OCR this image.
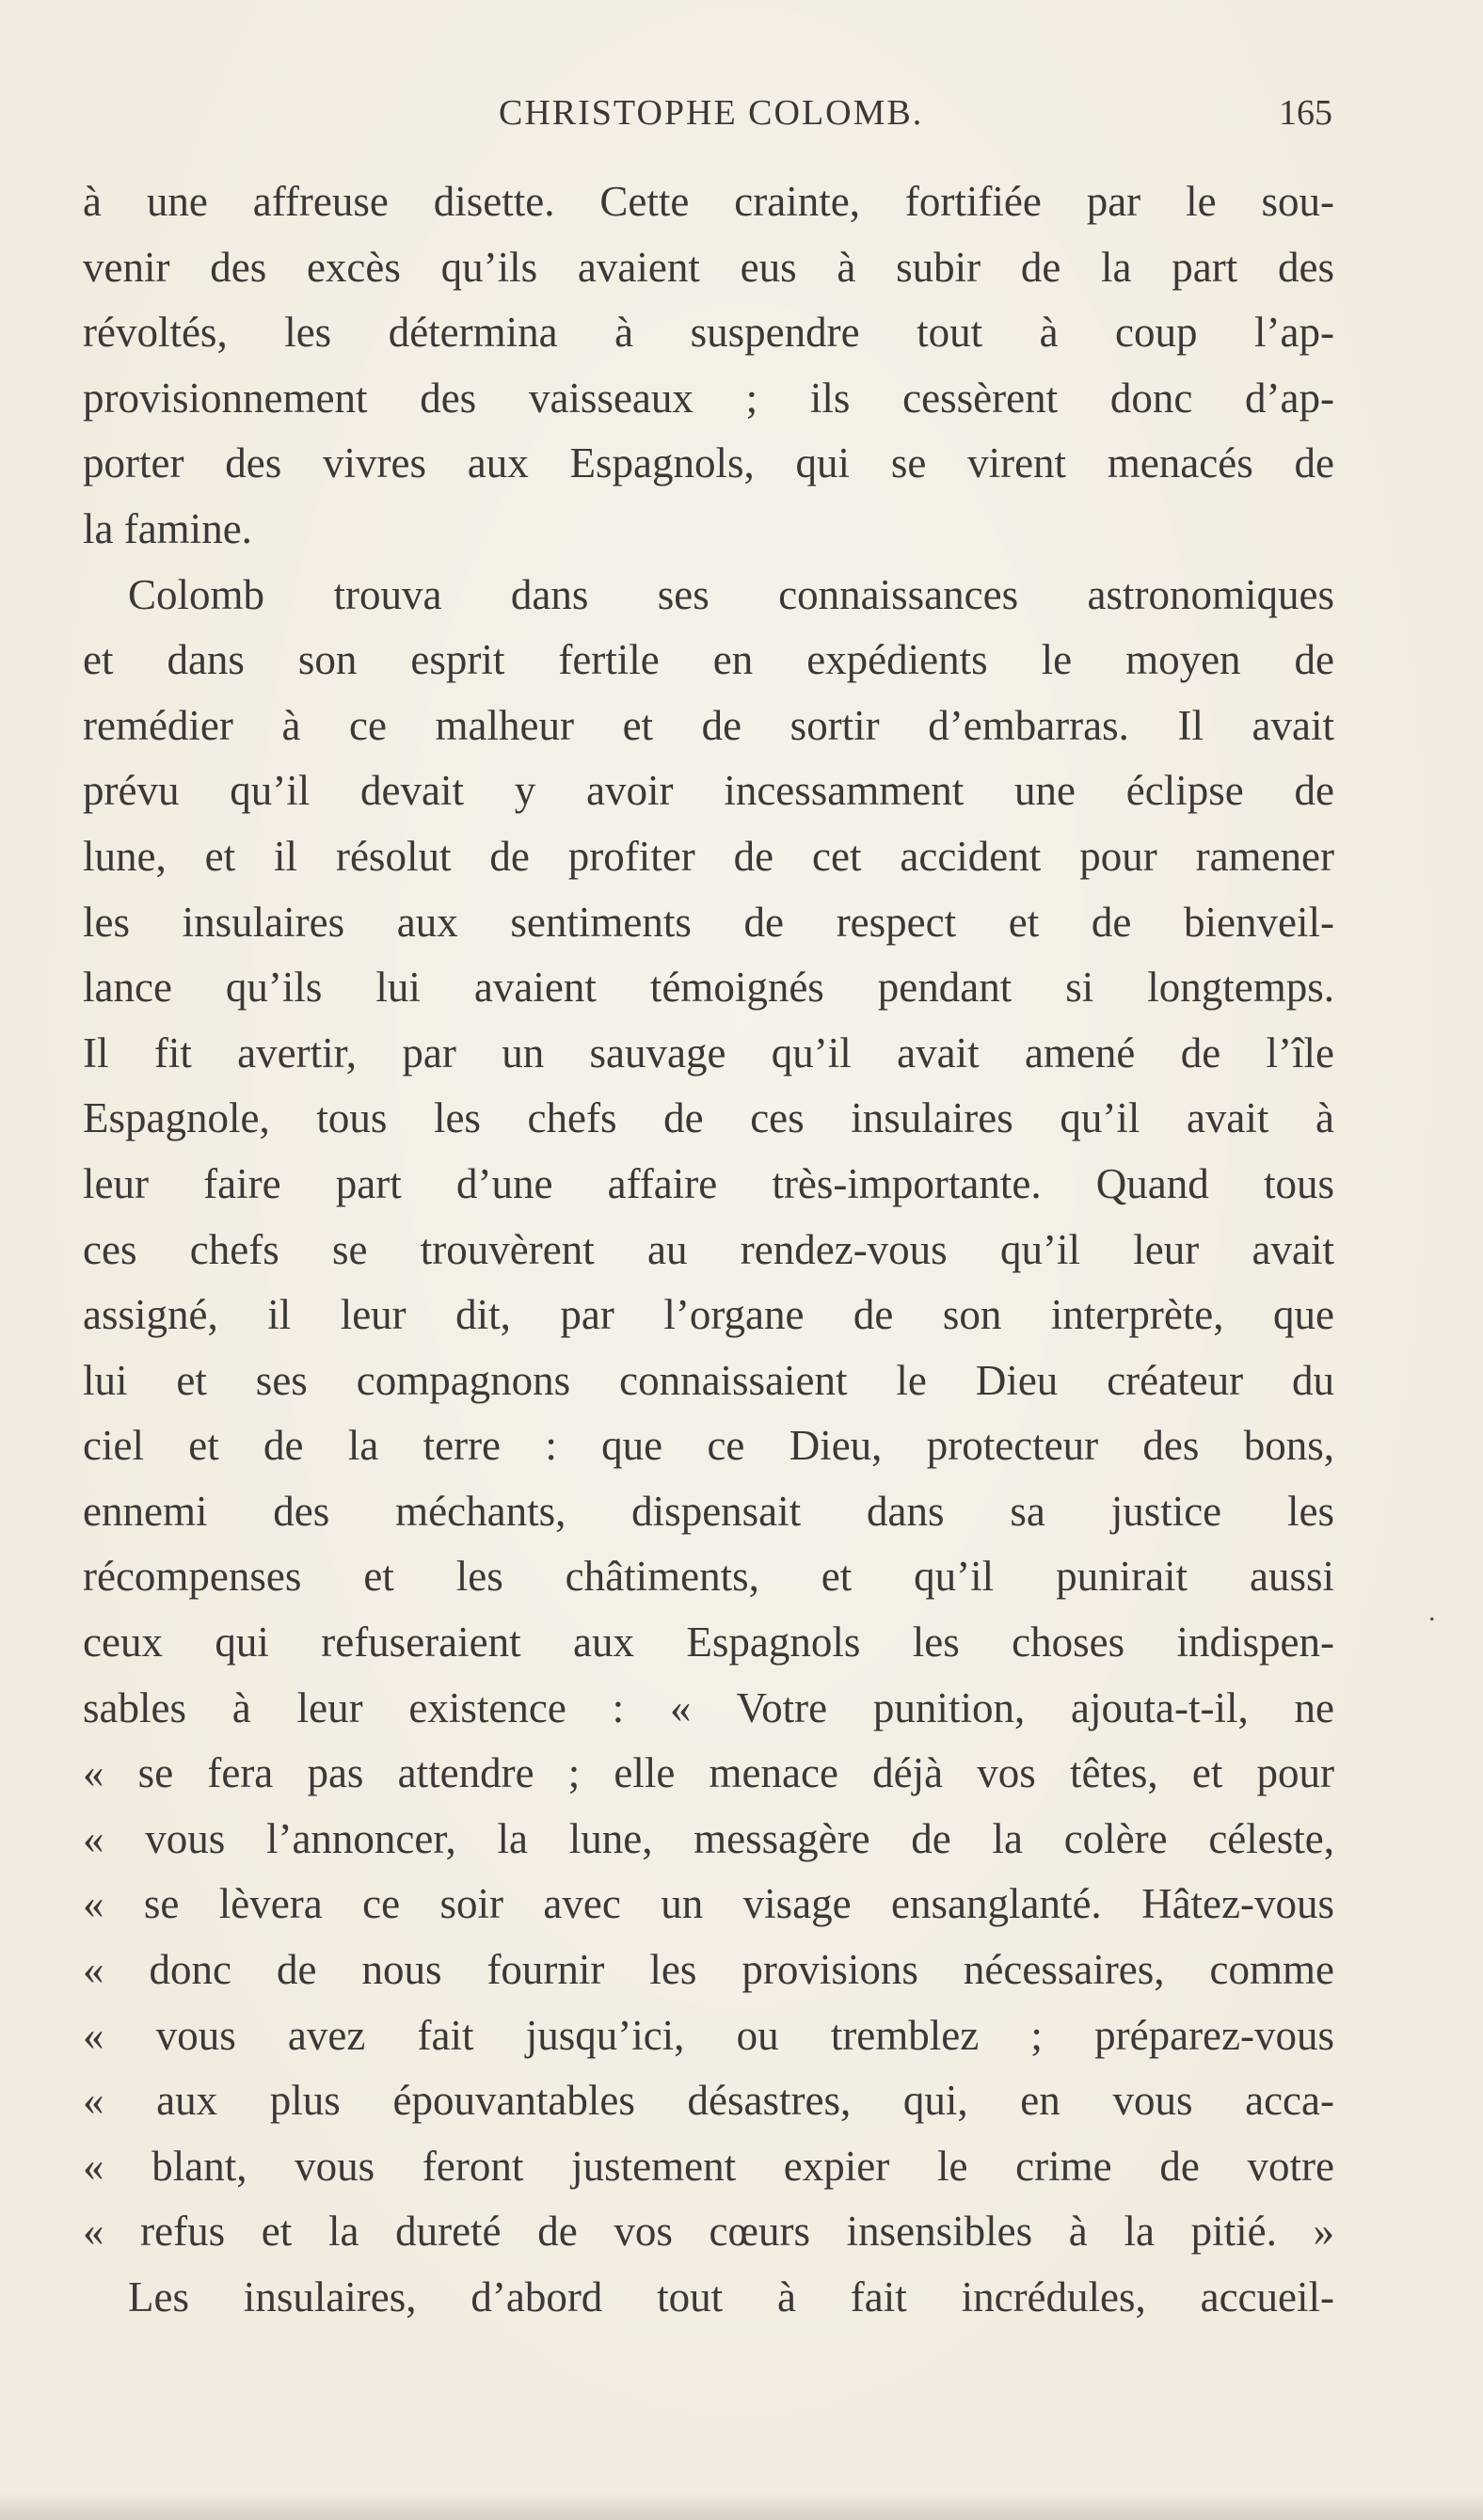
CHRISTOPHE COLOMB.	165
à une affreuse disette. Cette crainte, fortifiée par le sou-
venir des excès qu’ils avaient eus à subir de la part des
révoltés, les détermina à suspendre tout à coup l’ap-
provisionnement des vaisseaux ; ils cessèrent donc d’ap-
porter des vivres aux Espagnols, qui se virent menacés de
la famine.
Colomb trouva dans ses connaissances astronomiques
et dans son esprit fertile en expédients le moyen de
remédier à ce malheur et de sortir d’embarras. Il avait
prévu qu’il devait y avoir incessamment une éclipse de
lune, et il résolut de profiter de cet accident pour ramener
les insulaires aux sentiments de respect et de bienveil-
lance qu’ils lui avaient témoignés pendant si longtemps.
Il fit avertir, par un sauvage qu’il avait amené de l’île
Espagnole, tous les chefs de ces insulaires qu’il avait à
leur faire part d’une affaire très-importante. Quand tous
ces chefs se trouvèrent au rendez-vous qu’il leur avait
assigné, il leur dit, par l’organe de son interprète, que
lui et ses compagnons connaissaient le Dieu créateur du
ciel et de la terre : que ce Dieu, protecteur des bons,
ennemi des méchants, dispensait dans sa justice les
récompenses et les châtiments, et qu’il punirait aussi
ceux qui refuseraient aux Espagnols les choses indispen-
sables à leur existence : « Votre punition, ajouta-t-il, ne
« se fera pas attendre ; elle menace déjà vos têtes, et pour
« vous l’annoncer, la lune, messagère de la colère céleste,
« se lèvera ce soir avec un visage ensanglanté. Hâtez-vous
« donc de nous fournir les provisions nécessaires, comme
« vous avez fait jusqu’ici, ou tremblez ; préparez-vous
« aux plus épouvantables désastres, qui, en vous acca-
« blant, vous feront justement expier le crime de votre
« refus et la dureté de vos cœurs insensibles à la pitié. »
Les insulaires, d’abord tout à fait incrédules, accueil-
.
